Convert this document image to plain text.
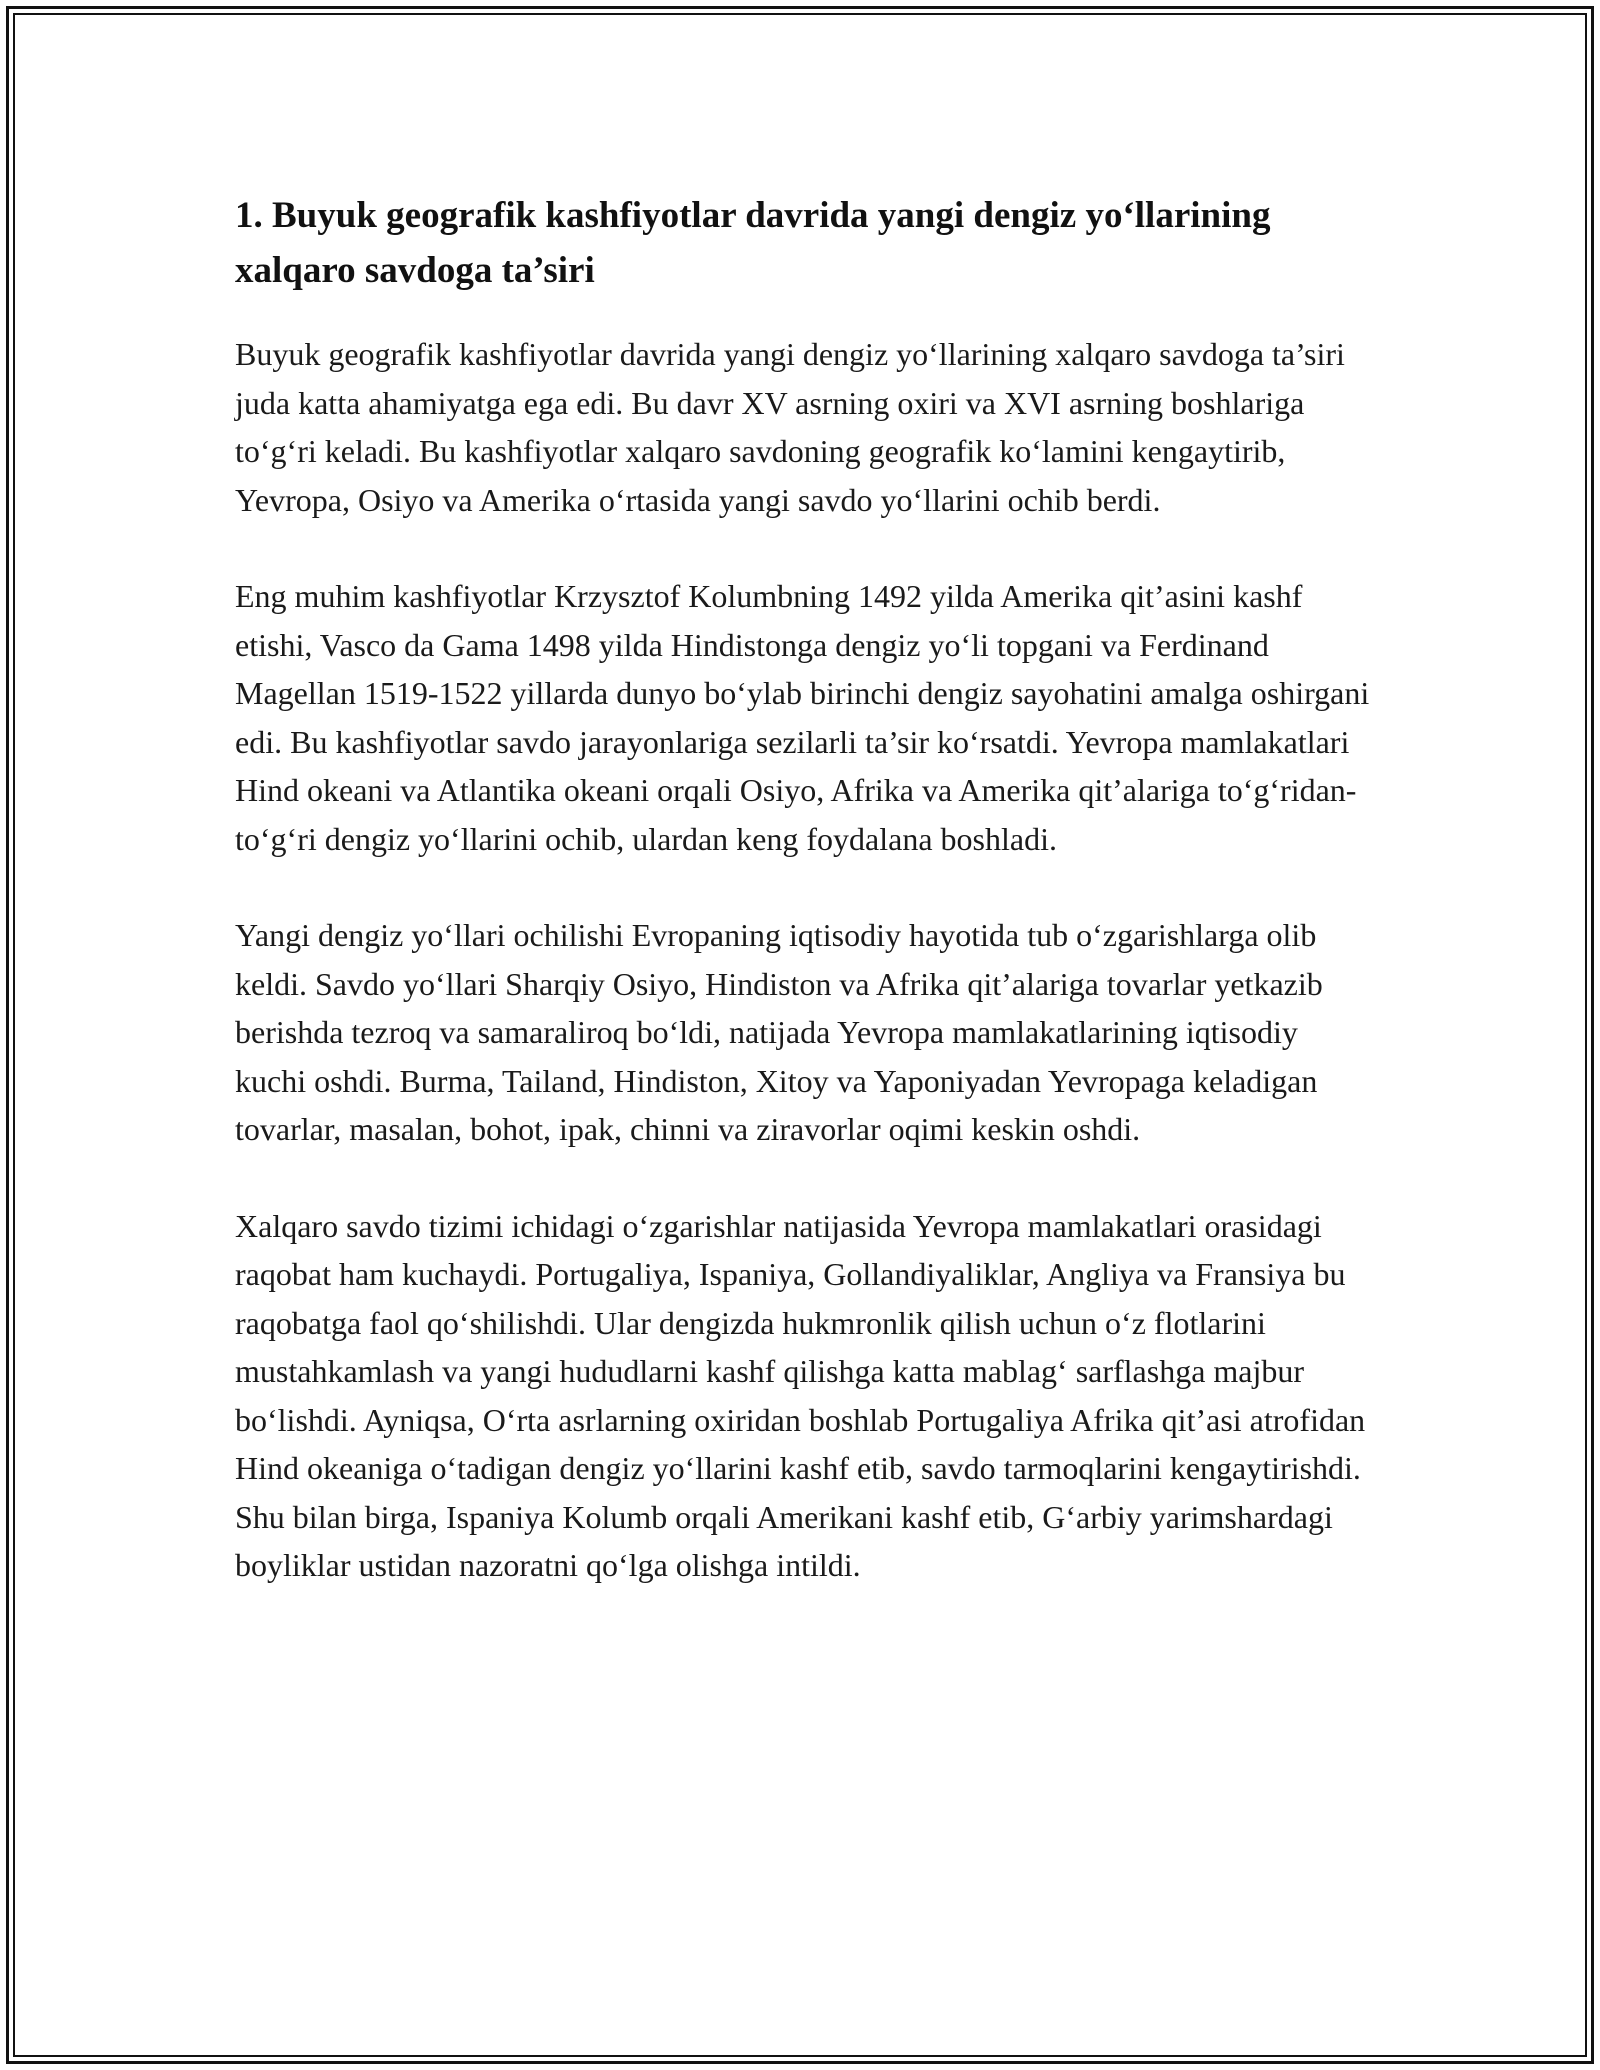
1. Buyuk geografik kashfiyotlar davrida yangi dengiz yoʻllarining xalqaro savdoga ta’siri

Buyuk geografik kashfiyotlar davrida yangi dengiz yoʻllarining xalqaro savdoga ta’siri juda katta ahamiyatga ega edi. Bu davr XV asrning oxiri va XVI asrning boshlariga toʻgʻri keladi. Bu kashfiyotlar xalqaro savdoning geografik koʻlamini kengaytirib, Yevropa, Osiyo va Amerika oʻrtasida yangi savdo yoʻllarini ochib berdi.

Eng muhim kashfiyotlar Krzysztof Kolumbning 1492 yilda Amerika qit’asini kashf etishi, Vasco da Gama 1498 yilda Hindistonga dengiz yoʻli topgani va Ferdinand Magellan 1519-1522 yillarda dunyo boʻylab birinchi dengiz sayohatini amalga oshirgani edi. Bu kashfiyotlar savdo jarayonlariga sezilarli ta’sir koʻrsatdi. Yevropa mamlakatlari Hind okeani va Atlantika okeani orqali Osiyo, Afrika va Amerika qit’alariga toʻgʻridan-toʻgʻri dengiz yoʻllarini ochib, ulardan keng foydalana boshladi.

Yangi dengiz yoʻllari ochilishi Evropaning iqtisodiy hayotida tub oʻzgarishlarga olib keldi. Savdo yoʻllari Sharqiy Osiyo, Hindiston va Afrika qit’alariga tovarlar yetkazib berishda tezroq va samaraliroq boʻldi, natijada Yevropa mamlakatlarining iqtisodiy kuchi oshdi. Burma, Tailand, Hindiston, Xitoy va Yaponiyadan Yevropaga keladigan tovarlar, masalan, bohot, ipak, chinni va ziravorlar oqimi keskin oshdi.

Xalqaro savdo tizimi ichidagi oʻzgarishlar natijasida Yevropa mamlakatlari orasidagi raqobat ham kuchaydi. Portugaliya, Ispaniya, Gollandiyaliklar, Angliya va Fransiya bu raqobatga faol qoʻshilishdi. Ular dengizda hukmronlik qilish uchun oʻz flotlarini mustahkamlash va yangi hududlarni kashf qilishga katta mablagʻ sarflashga majbur boʻlishdi. Ayniqsa, Oʻrta asrlarning oxiridan boshlab Portugaliya Afrika qit’asi atrofidan Hind okeaniga oʻtadigan dengiz yoʻllarini kashf etib, savdo tarmoqlarini kengaytirishdi. Shu bilan birga, Ispaniya Kolumb orqali Amerikani kashf etib, Gʻarbiy yarimshardagi boyliklar ustidan nazoratni qoʻlga olishga intildi.
